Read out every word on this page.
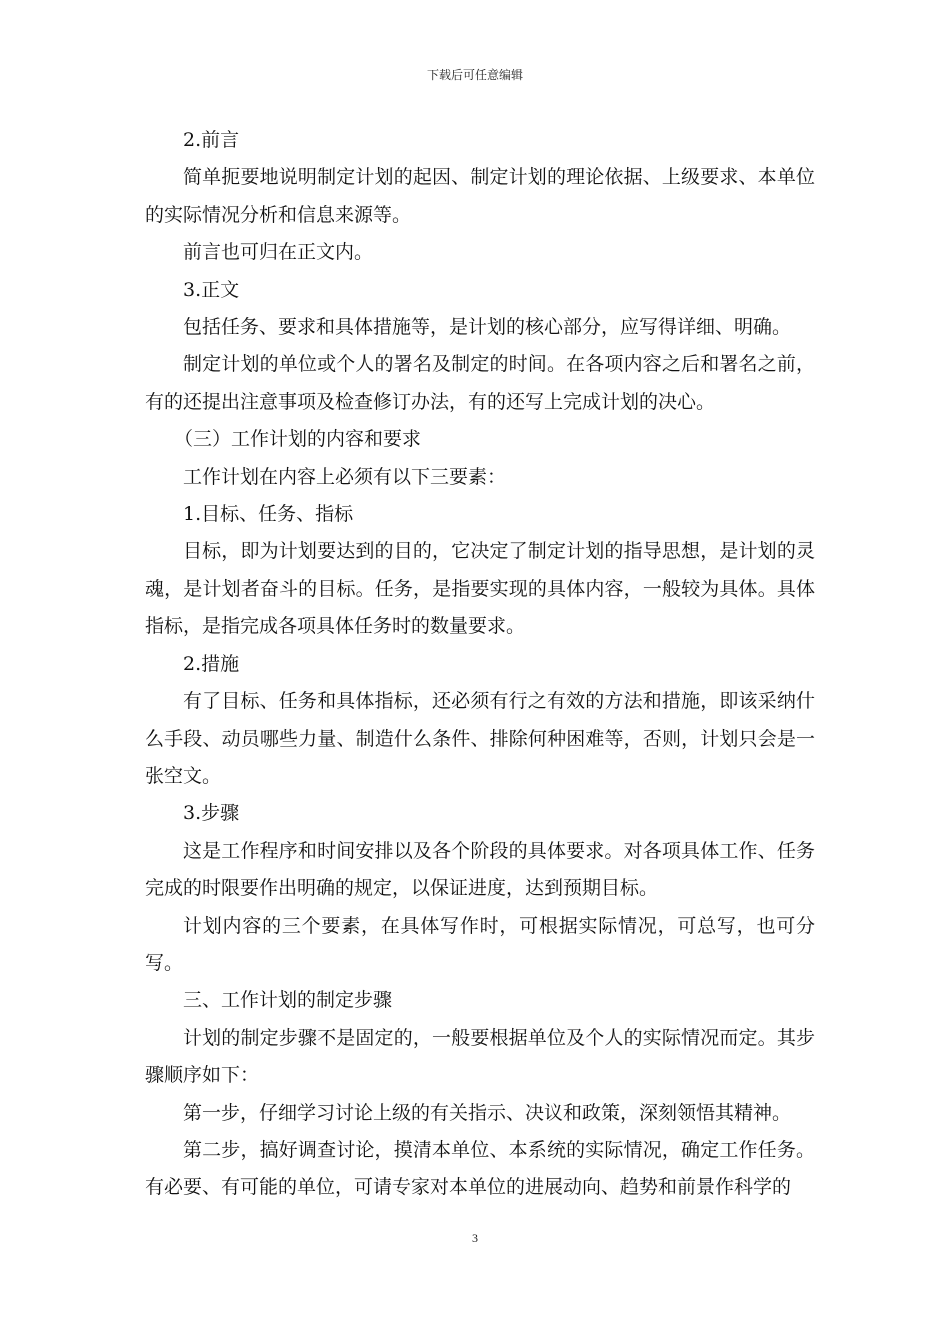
下载后可任意编辑

2.前言

简单扼要地说明制定计划的起因、制定计划的理论依据、上级要求、本单位的实际情况分析和信息来源等。

前言也可归在正文内。

3.正文

包括任务、要求和具体措施等，是计划的核心部分，应写得详细、明确。

制定计划的单位或个人的署名及制定的时间。在各项内容之后和署名之前，有的还提出注意事项及检查修订办法，有的还写上完成计划的决心。

（三）工作计划的内容和要求

工作计划在内容上必须有以下三要素：

1.目标、任务、指标

目标，即为计划要达到的目的，它决定了制定计划的指导思想，是计划的灵魂，是计划者奋斗的目标。任务，是指要实现的具体内容，一般较为具体。具体指标，是指完成各项具体任务时的数量要求。

2.措施

有了目标、任务和具体指标，还必须有行之有效的方法和措施，即该采纳什么手段、动员哪些力量、制造什么条件、排除何种困难等，否则，计划只会是一张空文。

3.步骤

这是工作程序和时间安排以及各个阶段的具体要求。对各项具体工作、任务完成的时限要作出明确的规定，以保证进度，达到预期目标。

计划内容的三个要素，在具体写作时，可根据实际情况，可总写，也可分写。

三、工作计划的制定步骤

计划的制定步骤不是固定的，一般要根据单位及个人的实际情况而定。其步骤顺序如下：

第一步，仔细学习讨论上级的有关指示、决议和政策，深刻领悟其精神。

第二步，搞好调查讨论，摸清本单位、本系统的实际情况，确定工作任务。有必要、有可能的单位，可请专家对本单位的进展动向、趋势和前景作科学的

3
